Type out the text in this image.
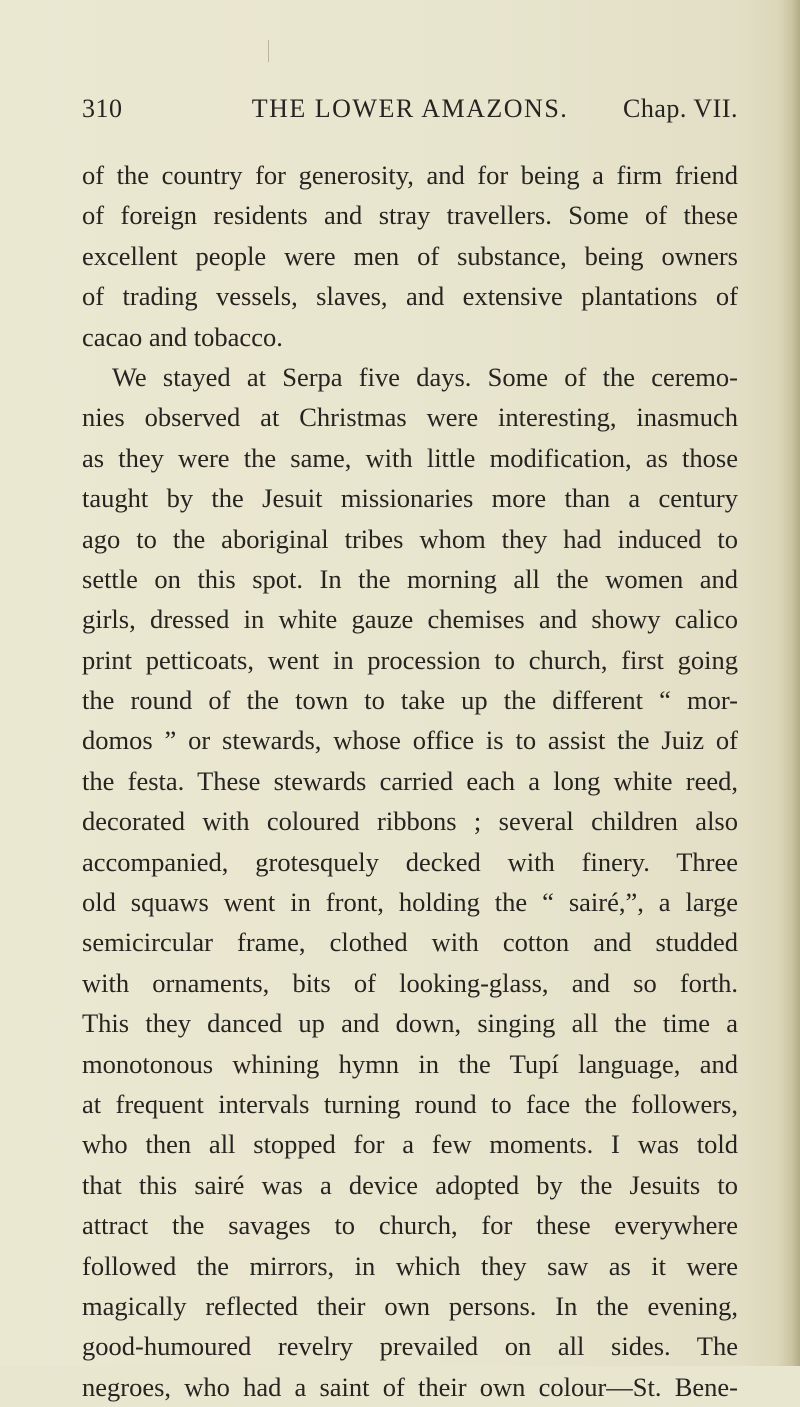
310	THE LOWER AMAZONS.	Chap. VII.
of the country for generosity, and for being a firm friend
of foreign residents and stray travellers. Some of these
excellent people were men of substance, being owners
of trading vessels, slaves, and extensive plantations of
cacao and tobacco.
We stayed at Serpa five days. Some of the ceremo-
nies observed at Christmas were interesting, inasmuch
as they were the same, with little modification, as those
taught by the Jesuit missionaries more than a century
ago to the aboriginal tribes whom they had induced to
settle on this spot. In the morning all the women and
girls, dressed in white gauze chemises and showy calico
print petticoats, went in procession to church, first going
the round of the town to take up the different “ mor-
domos ” or stewards, whose office is to assist the Juiz of
the festa. These stewards carried each a long white reed,
decorated with coloured ribbons ; several children also
accompanied, grotesquely decked with finery. Three
old squaws went in front, holding the “ sairé,”, a large
semicircular frame, clothed with cotton and studded
with ornaments, bits of looking-glass, and so forth.
This they danced up and down, singing all the time a
monotonous whining hymn in the Tupí language, and
at frequent intervals turning round to face the followers,
who then all stopped for a few moments. I was told
that this sairé was a device adopted by the Jesuits to
attract the savages to church, for these everywhere
followed the mirrors, in which they saw as it were
magically reflected their own persons. In the evening,
good-humoured revelry prevailed on all sides. The
negroes, who had a saint of their own colour—St. Bene-
